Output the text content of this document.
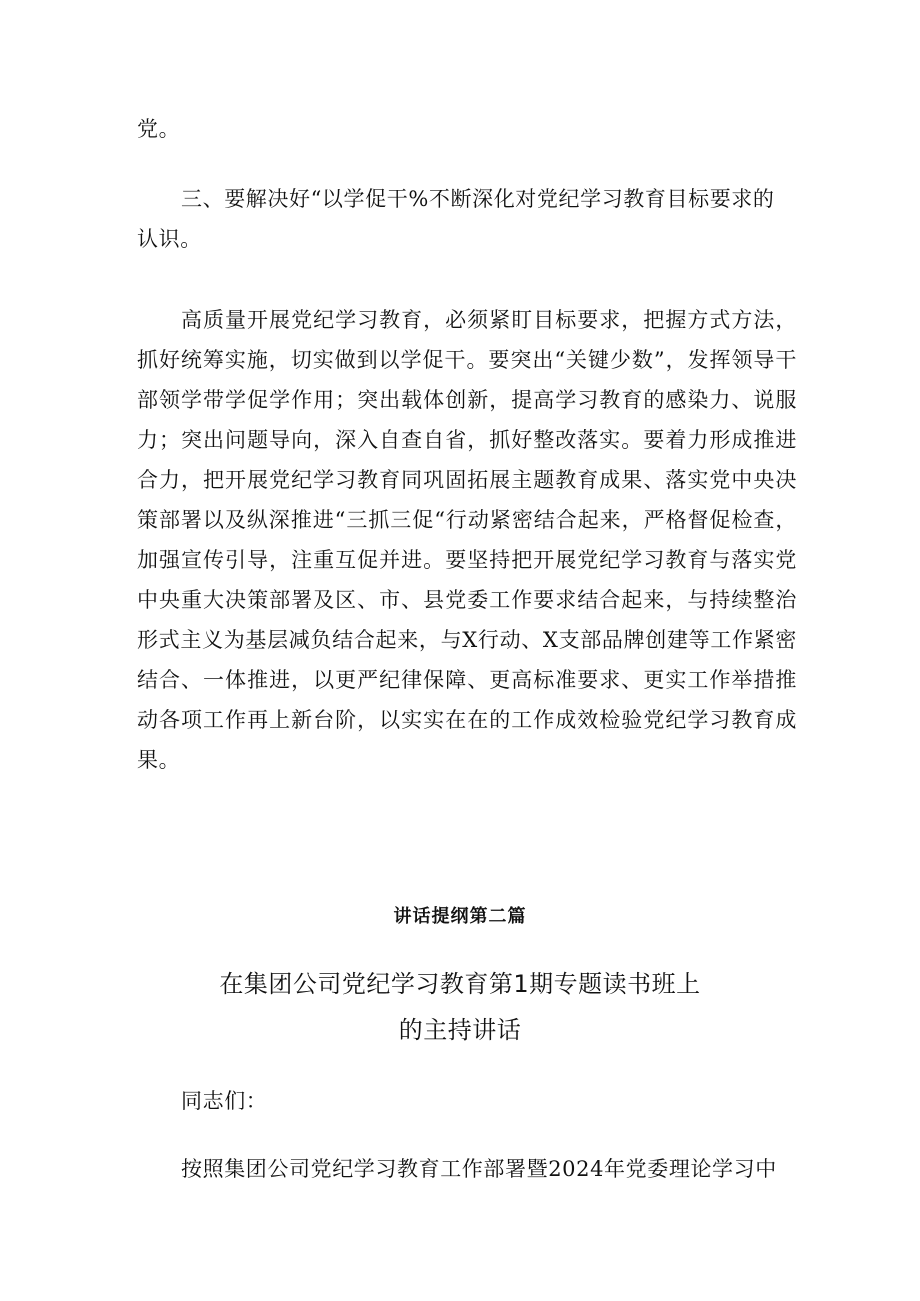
党。

三、要解决好“以学促干%不断深化对党纪学习教育目标要求的

认识。

高质量开展党纪学习教育，必须紧盯目标要求，把握方式方法，抓好统筹实施，切实做到以学促干。要突出“关键少数”，发挥领导干部领学带学促学作用；突出载体创新，提高学习教育的感染力、说服力；突出问题导向，深入自查自省，抓好整改落实。要着力形成推进合力，把开展党纪学习教育同巩固拓展主题教育成果、落实党中央决策部署以及纵深推进“三抓三促“行动紧密结合起来，严格督促检查，加强宣传引导，注重互促并进。要坚持把开展党纪学习教育与落实党中央重大决策部署及区、市、县党委工作要求结合起来，与持续整治形式主义为基层减负结合起来，与X行动、X支部品牌创建等工作紧密结合、一体推进，以更严纪律保障、更高标准要求、更实工作举措推动各项工作再上新台阶，以实实在在的工作成效检验党纪学习教育成果。

讲话提纲第二篇

在集团公司党纪学习教育第1期专题读书班上

的主持讲话

同志们：

按照集团公司党纪学习教育工作部署暨2024年党委理论学习中
